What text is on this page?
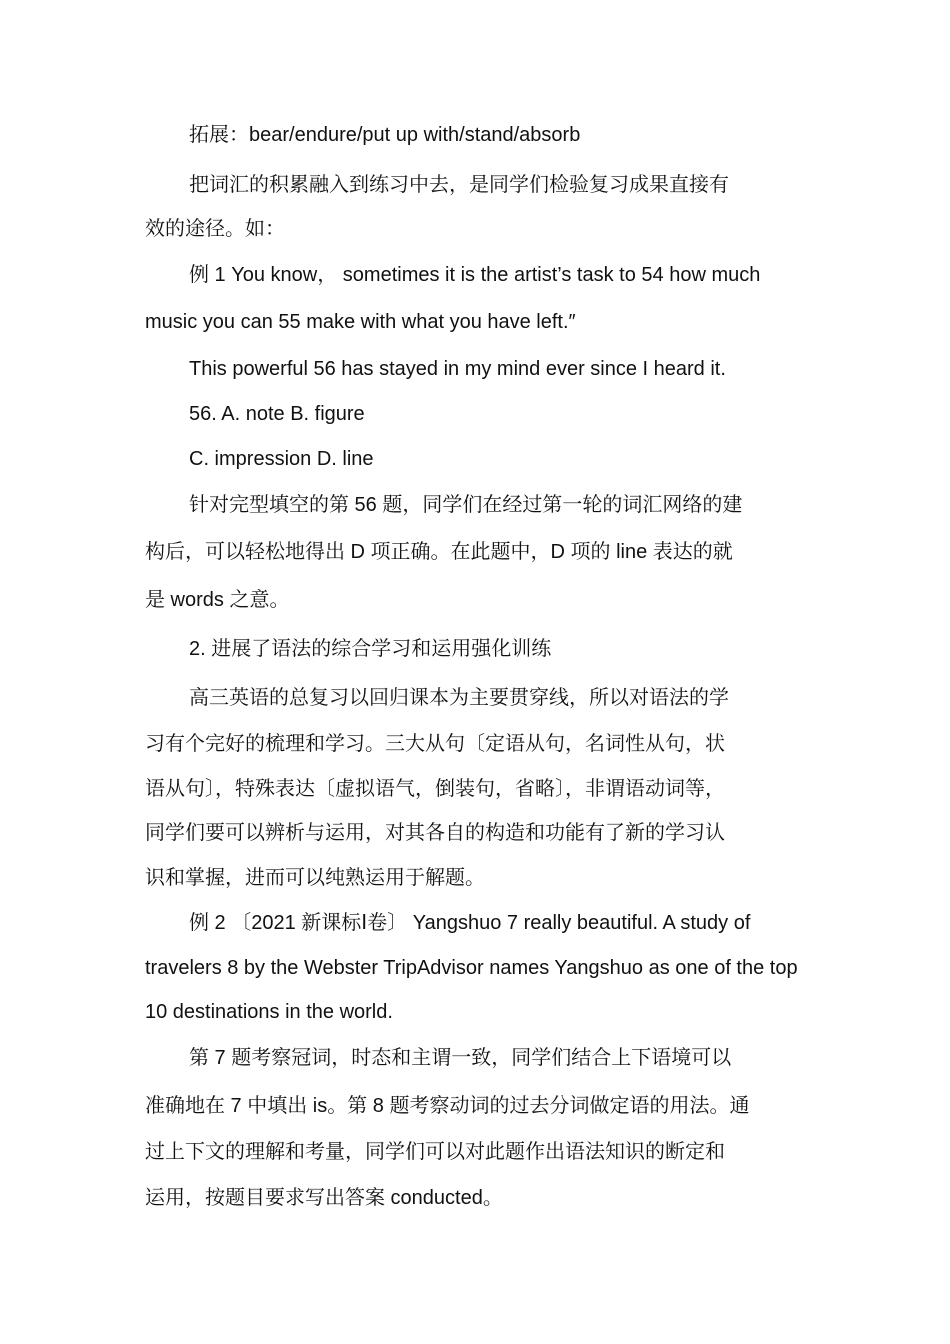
拓展：bear/endure/put up with/stand/absorb
把词汇的积累融入到练习中去，是同学们检验复习成果直接有
效的途径。如：
例 1 You know， sometimes it is the artist’s task to 54 how much
music you can 55 make with what you have left.″
This powerful 56 has stayed in my mind ever since I heard it.
56. A. note B. figure
C. impression D. line
针对完型填空的第 56 题，同学们在经过第一轮的词汇网络的建
构后，可以轻松地得出 D 项正确。在此题中，D 项的 line 表达的就
是 words 之意。
2. 进展了语法的综合学习和运用强化训练
高三英语的总复习以回归课本为主要贯穿线，所以对语法的学
习有个完好的梳理和学习。三大从句〔定语从句，名词性从句，状
语从句〕，特殊表达〔虚拟语气，倒装句，省略〕，非谓语动词等，
同学们要可以辨析与运用，对其各自的构造和功能有了新的学习认
识和掌握，进而可以纯熟运用于解题。
例 2 〔2021 新课标Ⅰ卷〕 Yangshuo 7 really beautiful. A study of
travelers 8 by the Webster TripAdvisor names Yangshuo as one of the top
10 destinations in the world.
第 7 题考察冠词，时态和主谓一致，同学们结合上下语境可以
准确地在 7 中填出 is。第 8 题考察动词的过去分词做定语的用法。通
过上下文的理解和考量，同学们可以对此题作出语法知识的断定和
运用，按题目要求写出答案 conducted。
